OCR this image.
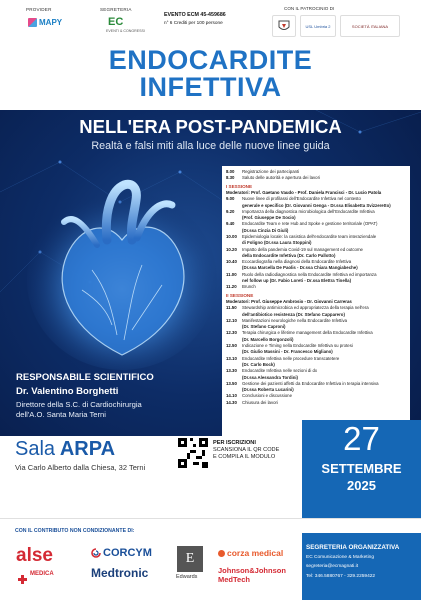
PROVIDER
MAPY
SEGRETERIA
EC
EVENTI & CONGRESSI
EVENTO ECM 45-459686
n° 6 Crediti per 100 persone
CON IL PATROCINIO DI
USL Umbria 2	SOCIETÀ ITALIANA
ENDOCARDITE
INFETTIVA
NELL'ERA POST-PANDEMICA
Realtà e falsi miti alla luce delle nuove linee guida
8.00	Registrazione dei partecipanti
8.30	Saluto delle autorità e apertura dei lavori
I SESSIONE
Moderatori: Prof. Gaetano Vaudo - Prof. Daniela Francisci - Dr. Lucio Patola
9.00	Nuove linee di profilassi dell'Endocardite Infettiva nel contesto
generale e specifico (Dr. Giovanni Genga - Dr.ssa Elisabetta Svizzeretto)
9.20	Importanza della diagnostica microbiologica dell'Endocardite Infettiva
(Prof. Giuseppe De Socio)
9.40	Endocardite Team e rete Hub and Spoke e gestione territoriale (OPAT)
(Dr.ssa Cinzia Di Giuli)
10.00	Epidemiologia locale: la casistica dell'endocardite team interaziendale
di Foligno (Dr.ssa Laura Stoppini)
10.20	Impatto della pandemia Covid-19 sul management ed outcome
della Endocardite Infettiva (Dr. Carlo Pallotto)
10.40	Ecocardiografia nella diagnosi della Endocardite Infettiva
(Dr.ssa Marcella De Paolis - Dr.ssa Chiara Mangiabeche)
11.00	Ruolo della radiodiagnostica nella Endocardite Infettiva ed importanza
nel follow up (Dr. Fabio Loreti - Dr.ssa Elettra Tinella)
11.20	Brunch
II SESSIONE
Moderatori: Prof. Giuseppe Ambrosio - Dr. Giovanni Carreras
11.50	Stewardship antimicrobica ed appropriatezza della terapia nell'era
dell'antibiotico resistenza (Dr. Stefano Capparero)
12.10	Manifestazioni neurologiche nella Endocardite Infettiva
(Dr. Stefano Caproni)
12.30	Terapia chirurgica e lifetime management della Endocardite Infettiva
(Dr. Marcello Borgonzoli)
12.50	Indicazione e Timing nella Endocardite Infettiva su protesi
(Dr. Giulio Massini - Dr. Francesco Migliano)
13.10	Endocardite Infettiva nelle procedure transcatetere
(Dr. Carlo Bock)
13.30	Endocardite Infettiva nelle sezioni di dx
(Dr.ssa Alessandra Tordini)
13.50	Gestione dei pazienti affetti da Endocardite Infettiva in terapia intensiva
(Dr.ssa Roberta Lucarini)
14.10	Conclusioni e discussione
14.30	Chiusura dei lavori
RESPONSABILE SCIENTIFICO
Dr. Valentino Borghetti
Direttore della S.C. di Cardiochirurgia
dell'A.O. Santa Maria Terni
Sala ARPA
Via Carlo Alberto dalla Chiesa, 32 Terni
PER ISCRIZIONI
SCANSIONA IL QR CODE
E COMPILA IL MODULO	27
SETTEMBRE
2025
CON IL CONTRIBUTO NON CONDIZIONANTE DI:
alse
MEDICA
CORCYM
Medtronic
E
Edwards
corza medical
Johnson&Johnson
MedTech
SEGRETERIA ORGANIZZATIVA
EC Comunicazione & Marketing
segreteria@ecmagnati.it
Tel: 346.5880767 - 329.2259422
